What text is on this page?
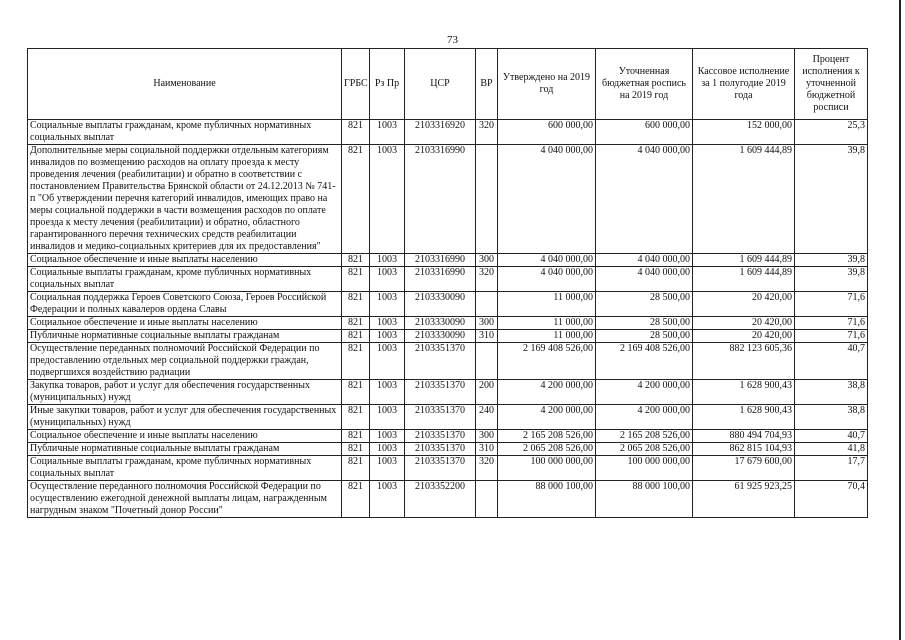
73
Наименование	ГРБС	Рз Пр	ЦСР	ВР	Утверждено на 2019 год	Уточненная бюджетная роспись на 2019 год	Кассовое исполнение за 1 полугодие 2019 года	Процент исполнения к уточненной бюджетной росписи
Социальные выплаты гражданам, кроме публичных нормативных социальных выплат	821	1003	2103316920	320	600 000,00	600 000,00	152 000,00	25,3
Дополнительные меры социальной поддержки отдельным категориям инвалидов по возмещению расходов на оплату проезда к месту проведения лечения (реабилитации) и обратно в соответствии с постановлением Правительства Брянской области от 24.12.2013 № 741-п "Об утверждении перечня категорий инвалидов, имеющих право на меры социальной поддержки в части возмещения расходов по оплате проезда к месту лечения (реабилитации) и обратно, областного гарантированного перечня технических средств реабилитации инвалидов и медико-социальных критериев для их предоставления"	821	1003	2103316990		4 040 000,00	4 040 000,00	1 609 444,89	39,8
Социальное обеспечение и иные выплаты населению	821	1003	2103316990	300	4 040 000,00	4 040 000,00	1 609 444,89	39,8
Социальные выплаты гражданам, кроме публичных нормативных социальных выплат	821	1003	2103316990	320	4 040 000,00	4 040 000,00	1 609 444,89	39,8
Социальная поддержка Героев Советского Союза, Героев Российской Федерации и полных кавалеров ордена Славы	821	1003	2103330090		11 000,00	28 500,00	20 420,00	71,6
Социальное обеспечение и иные выплаты населению	821	1003	2103330090	300	11 000,00	28 500,00	20 420,00	71,6
Публичные нормативные социальные выплаты гражданам	821	1003	2103330090	310	11 000,00	28 500,00	20 420,00	71,6
Осуществление переданных полномочий Российской Федерации по предоставлению отдельных мер социальной поддержки граждан, подвергшихся воздействию радиации	821	1003	2103351370		2 169 408 526,00	2 169 408 526,00	882 123 605,36	40,7
Закупка товаров, работ и услуг для обеспечения государственных (муниципальных) нужд	821	1003	2103351370	200	4 200 000,00	4 200 000,00	1 628 900,43	38,8
Иные закупки товаров, работ и услуг для обеспечения государственных (муниципальных) нужд	821	1003	2103351370	240	4 200 000,00	4 200 000,00	1 628 900,43	38,8
Социальное обеспечение и иные выплаты населению	821	1003	2103351370	300	2 165 208 526,00	2 165 208 526,00	880 494 704,93	40,7
Публичные нормативные социальные выплаты гражданам	821	1003	2103351370	310	2 065 208 526,00	2 065 208 526,00	862 815 104,93	41,8
Социальные выплаты гражданам, кроме публичных нормативных социальных выплат	821	1003	2103351370	320	100 000 000,00	100 000 000,00	17 679 600,00	17,7
Осуществление переданного полномочия Российской Федерации по осуществлению ежегодной денежной выплаты лицам, награжденным нагрудным знаком "Почетный донор России"	821	1003	2103352200		88 000 100,00	88 000 100,00	61 925 923,25	70,4
